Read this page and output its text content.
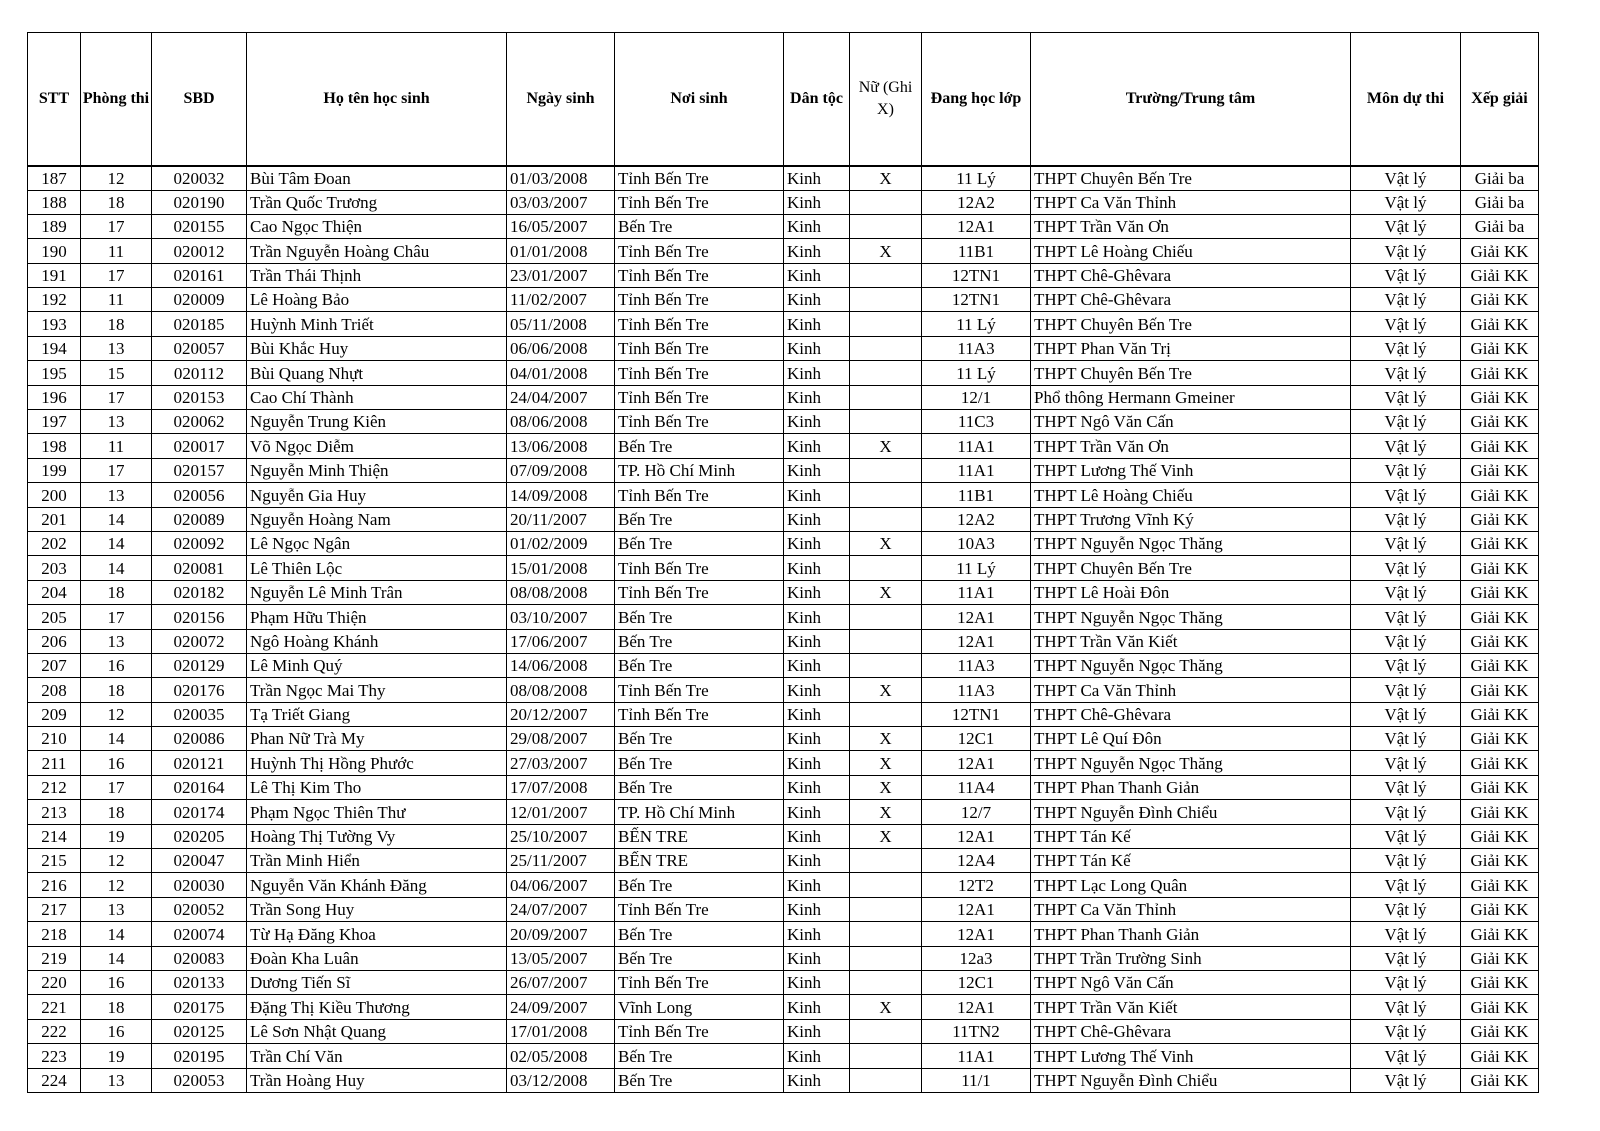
STT	Phòng thi	SBD	Họ tên học sinh	Ngày sinh	Nơi sinh	Dân tộc	Nữ (Ghi X)	Đang học lớp	Trường/Trung tâm	Môn dự thi	Xếp giải
187	12	020032	Bùi Tâm Đoan	01/03/2008	Tỉnh Bến Tre	Kinh	X	11 Lý	THPT Chuyên Bến Tre	Vật lý	Giải ba
188	18	020190	Trần Quốc Trương	03/03/2007	Tỉnh Bến Tre	Kinh		12A2	THPT Ca Văn Thỉnh	Vật lý	Giải ba
189	17	020155	Cao Ngọc Thiện	16/05/2007	Bến Tre	Kinh		12A1	THPT Trần Văn Ơn	Vật lý	Giải ba
190	11	020012	Trần Nguyễn Hoàng Châu	01/01/2008	Tỉnh Bến Tre	Kinh	X	11B1	THPT Lê Hoàng Chiếu	Vật lý	Giải KK
191	17	020161	Trần Thái Thịnh	23/01/2007	Tỉnh Bến Tre	Kinh		12TN1	THPT Chê-Ghêvara	Vật lý	Giải KK
192	11	020009	Lê Hoàng Bảo	11/02/2007	Tỉnh Bến Tre	Kinh		12TN1	THPT Chê-Ghêvara	Vật lý	Giải KK
193	18	020185	Huỳnh Minh Triết	05/11/2008	Tỉnh Bến Tre	Kinh		11 Lý	THPT Chuyên Bến Tre	Vật lý	Giải KK
194	13	020057	Bùi Khắc Huy	06/06/2008	Tỉnh Bến Tre	Kinh		11A3	THPT Phan Văn Trị	Vật lý	Giải KK
195	15	020112	Bùi Quang Nhựt	04/01/2008	Tỉnh Bến Tre	Kinh		11 Lý	THPT Chuyên Bến Tre	Vật lý	Giải KK
196	17	020153	Cao Chí Thành	24/04/2007	Tỉnh Bến Tre	Kinh		12/1	Phổ thông Hermann Gmeiner	Vật lý	Giải KK
197	13	020062	Nguyễn Trung Kiên	08/06/2008	Tỉnh Bến Tre	Kinh		11C3	THPT Ngô Văn Cấn	Vật lý	Giải KK
198	11	020017	Võ Ngọc Diễm	13/06/2008	Bến Tre	Kinh	X	11A1	THPT Trần Văn Ơn	Vật lý	Giải KK
199	17	020157	Nguyễn Minh Thiện	07/09/2008	TP. Hồ Chí Minh	Kinh		11A1	THPT Lương Thế Vinh	Vật lý	Giải KK
200	13	020056	Nguyễn Gia Huy	14/09/2008	Tỉnh Bến Tre	Kinh		11B1	THPT Lê Hoàng Chiếu	Vật lý	Giải KK
201	14	020089	Nguyễn Hoàng Nam	20/11/2007	Bến Tre	Kinh		12A2	THPT Trương Vĩnh Ký	Vật lý	Giải KK
202	14	020092	Lê Ngọc Ngân	01/02/2009	Bến Tre	Kinh	X	10A3	THPT Nguyễn Ngọc Thăng	Vật lý	Giải KK
203	14	020081	Lê Thiên Lộc	15/01/2008	Tỉnh Bến Tre	Kinh		11 Lý	THPT Chuyên Bến Tre	Vật lý	Giải KK
204	18	020182	Nguyễn Lê Minh Trân	08/08/2008	Tỉnh Bến Tre	Kinh	X	11A1	THPT Lê Hoài Đôn	Vật lý	Giải KK
205	17	020156	Phạm Hữu Thiện	03/10/2007	Bến Tre	Kinh		12A1	THPT Nguyễn Ngọc Thăng	Vật lý	Giải KK
206	13	020072	Ngô Hoàng Khánh	17/06/2007	Bến Tre	Kinh		12A1	THPT Trần Văn Kiết	Vật lý	Giải KK
207	16	020129	Lê Minh Quý	14/06/2008	Bến Tre	Kinh		11A3	THPT Nguyễn Ngọc Thăng	Vật lý	Giải KK
208	18	020176	Trần Ngọc Mai Thy	08/08/2008	Tỉnh Bến Tre	Kinh	X	11A3	THPT Ca Văn Thỉnh	Vật lý	Giải KK
209	12	020035	Tạ Triết Giang	20/12/2007	Tỉnh Bến Tre	Kinh		12TN1	THPT Chê-Ghêvara	Vật lý	Giải KK
210	14	020086	Phan Nữ Trà My	29/08/2007	Bến Tre	Kinh	X	12C1	THPT Lê Quí Đôn	Vật lý	Giải KK
211	16	020121	Huỳnh Thị Hồng Phước	27/03/2007	Bến Tre	Kinh	X	12A1	THPT Nguyễn Ngọc Thăng	Vật lý	Giải KK
212	17	020164	Lê Thị Kim Tho	17/07/2008	Bến Tre	Kinh	X	11A4	THPT Phan Thanh Giản	Vật lý	Giải KK
213	18	020174	Phạm Ngọc Thiên Thư	12/01/2007	TP. Hồ Chí Minh	Kinh	X	12/7	THPT Nguyễn Đình Chiểu	Vật lý	Giải KK
214	19	020205	Hoàng Thị Tường Vy	25/10/2007	BẾN TRE	Kinh	X	12A1	THPT Tán Kế	Vật lý	Giải KK
215	12	020047	Trần Minh Hiển	25/11/2007	BẾN TRE	Kinh		12A4	THPT Tán Kế	Vật lý	Giải KK
216	12	020030	Nguyễn Văn Khánh Đăng	04/06/2007	Bến Tre	Kinh		12T2	THPT Lạc Long Quân	Vật lý	Giải KK
217	13	020052	Trần Song Huy	24/07/2007	Tỉnh Bến Tre	Kinh		12A1	THPT Ca Văn Thỉnh	Vật lý	Giải KK
218	14	020074	Từ Hạ Đăng Khoa	20/09/2007	Bến Tre	Kinh		12A1	THPT Phan Thanh Giản	Vật lý	Giải KK
219	14	020083	Đoàn Kha Luân	13/05/2007	Bến Tre	Kinh		12a3	THPT Trần Trường Sinh	Vật lý	Giải KK
220	16	020133	Dương Tiến Sĩ	26/07/2007	Tỉnh Bến Tre	Kinh		12C1	THPT Ngô Văn Cấn	Vật lý	Giải KK
221	18	020175	Đặng Thị Kiều Thương	24/09/2007	Vĩnh Long	Kinh	X	12A1	THPT Trần Văn Kiết	Vật lý	Giải KK
222	16	020125	Lê Sơn Nhật Quang	17/01/2008	Tỉnh Bến Tre	Kinh		11TN2	THPT Chê-Ghêvara	Vật lý	Giải KK
223	19	020195	Trần Chí Văn	02/05/2008	Bến Tre	Kinh		11A1	THPT Lương Thế Vinh	Vật lý	Giải KK
224	13	020053	Trần Hoàng Huy	03/12/2008	Bến Tre	Kinh		11/1	THPT Nguyễn Đình Chiểu	Vật lý	Giải KK
